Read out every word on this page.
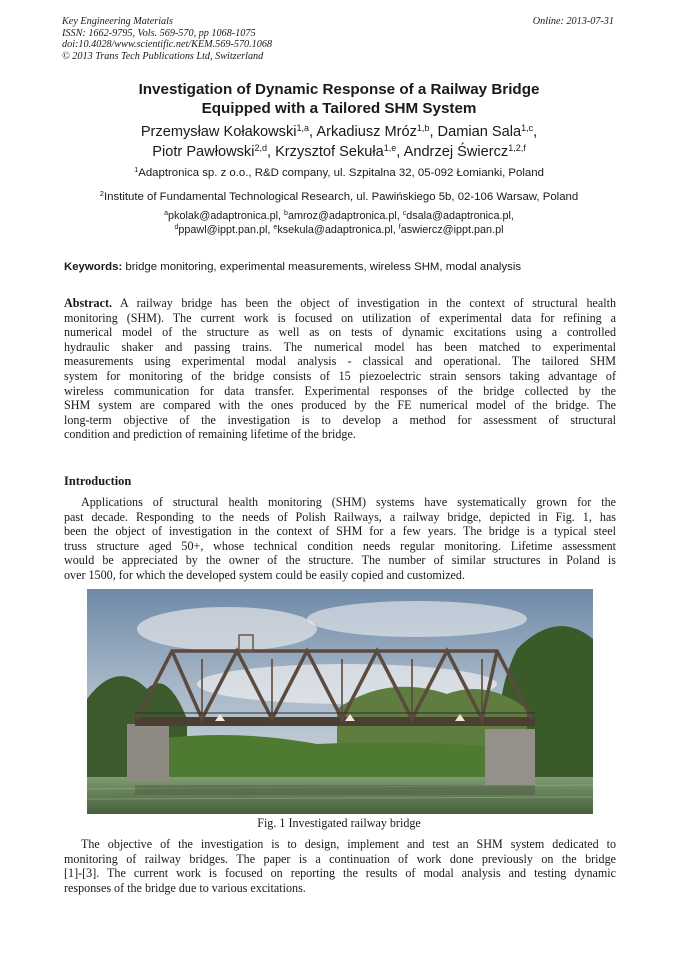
Key Engineering Materials
ISSN: 1662-9795, Vols. 569-570, pp 1068-1075
doi:10.4028/www.scientific.net/KEM.569-570.1068
© 2013 Trans Tech Publications Ltd, Switzerland
Online: 2013-07-31
Investigation of Dynamic Response of a Railway Bridge
Equipped with a Tailored SHM System
Przemysław Kołakowski$^{1,a}$, Arkadiusz Mróz$^{1,b}$, Damian Sala$^{1,c}$,
Piotr Pawłowski$^{2,d}$, Krzysztof Sekuła$^{1,e}$, Andrzej Świercz$^{1,2,f}$
$^1$Adaptronica sp. z o.o., R&D company, ul. Szpitalna 32, 05-092 Łomianki, Poland
$^2$Institute of Fundamental Technological Research, ul. Pawińskiego 5b, 02-106 Warsaw, Poland
$^a$pkolak@adaptronica.pl, $^b$amroz@adaptronica.pl, $^c$dsala@adaptronica.pl,
$^d$ppawl@ippt.pan.pl, $^e$ksekula@adaptronica.pl, $^f$aswiercz@ippt.pan.pl
Keywords: bridge monitoring, experimental measurements, wireless SHM, modal analysis
Abstract. A railway bridge has been the object of investigation in the context of structural health
monitoring (SHM). The current work is focused on utilization of experimental data for refining a
numerical model of the structure as well as on tests of dynamic excitations using a controlled
hydraulic shaker and passing trains. The numerical model has been matched to experimental
measurements using experimental modal analysis - classical and operational. The tailored SHM
system for monitoring of the bridge consists of 15 piezoelectric strain sensors taking advantage of
wireless communication for data transfer. Experimental responses of the bridge collected by the
SHM system are compared with the ones produced by the FE numerical model of the bridge. The
long-term objective of the investigation is to develop a method for assessment of structural
condition and prediction of remaining lifetime of the bridge.
Introduction
Applications of structural health monitoring (SHM) systems have systematically grown for the
past decade. Responding to the needs of Polish Railways, a railway bridge, depicted in Fig. 1, has
been the object of investigation in the context of SHM for a few years. The bridge is a typical steel
truss structure aged 50+, whose technical condition needs regular monitoring. Lifetime assessment
would be appreciated by the owner of the structure. The number of similar structures in Poland is
over 1500, for which the developed system could be easily copied and customized.
Fig. 1 Investigated railway bridge
The objective of the investigation is to design, implement and test an SHM system dedicated to
monitoring of railway bridges. The paper is a continuation of work done previously on the bridge
[1]-[3]. The current work is focused on reporting the results of modal analysis and testing dynamic
responses of the bridge due to various excitations.
